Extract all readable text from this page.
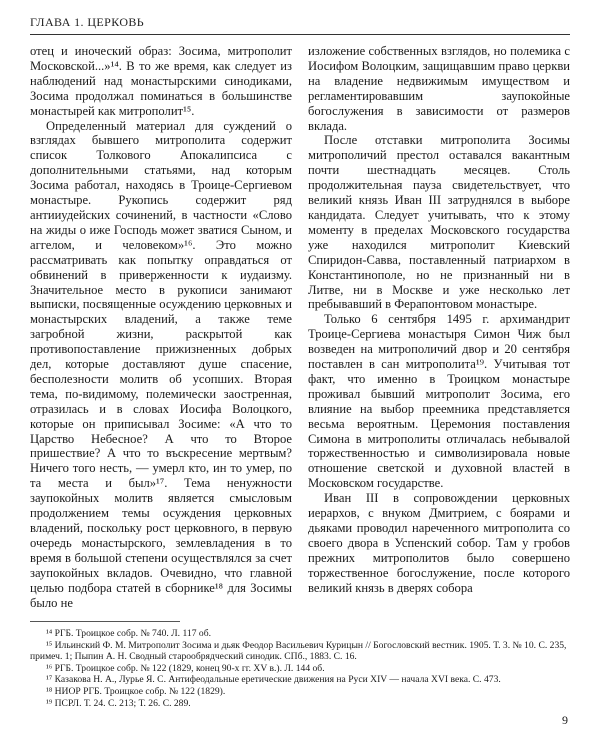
ГЛАВА 1. ЦЕРКОВЬ

отец и иноческий образ: Зосима, митрополит Московской...»¹⁴. В то же время, как следует из наблюдений над монастырскими синодиками, Зосима продолжал поминаться в большинстве монастырей как митрополит¹⁵.

Определенный материал для суждений о взглядах бывшего митрополита содержит список Толкового Апокалипсиса с дополнительными статьями, над которым Зосима работал, находясь в Троице-Сергиевом монастыре. Рукопись содержит ряд антииудейских сочинений, в частности «Слово на жиды о иже Господь может зватися Сыном, и аггелом, и человеком»¹⁶. Это можно рассматривать как попытку оправдаться от обвинений в приверженности к иудаизму. Значительное место в рукописи занимают выписки, посвященные осуждению церковных и монастырских владений, а также теме загробной жизни, раскрытой как противопоставление прижизненных добрых дел, которые доставляют душе спасение, бесполезности молитв об усопших. Вторая тема, по-видимому, полемически заостренная, отразилась и в словах Иосифа Волоцкого, которые он приписывал Зосиме: «А что то Царство Небесное? А что то Второе пришествие? А что то въскресение мертвым? Ничего того несть, — умерл кто, ин то умер, по та места и был»¹⁷. Тема ненужности заупокойных молитв является смысловым продолжением темы осуждения церковных владений, поскольку рост церковного, в первую очередь монастырского, землевладения в то время в большой степени осуществлялся за счет заупокойных вкладов. Очевидно, что главной целью подбора статей в сборнике¹⁸ для Зосимы было не

изложение собственных взглядов, но полемика с Иосифом Волоцким, защищавшим право церкви на владение недвижимым имуществом и регламентировавшим заупокойные богослужения в зависимости от размеров вклада.

После отставки митрополита Зосимы митрополичий престол оставался вакантным почти шестнадцать месяцев. Столь продолжительная пауза свидетельствует, что великий князь Иван III затруднялся в выборе кандидата. Следует учитывать, что к этому моменту в пределах Московского государства уже находился митрополит Киевский Спиридон-Савва, поставленный патриархом в Константинополе, но не признанный ни в Литве, ни в Москве и уже несколько лет пребывавший в Ферапонтовом монастыре.

Только 6 сентября 1495 г. архимандрит Троице-Сергиева монастыря Симон Чиж был возведен на митрополичий двор и 20 сентября поставлен в сан митрополита¹⁹. Учитывая тот факт, что именно в Троицком монастыре проживал бывший митрополит Зосима, его влияние на выбор преемника представляется весьма вероятным. Церемония поставления Симона в митрополиты отличалась небывалой торжественностью и символизировала новые отношение светской и духовной властей в Московском государстве.

Иван III в сопровождении церковных иерархов, с внуком Дмитрием, с боярами и дьяками проводил нареченного митрополита со своего двора в Успенский собор. Там у гробов прежних митрополитов было совершено торжественное богослужение, после которого великий князь в дверях собора

¹⁴ РГБ. Троицкое собр. № 740. Л. 117 об.

¹⁵ Ильинский Ф. М. Митрополит Зосима и дьяк Феодор Васильевич Курицын // Богословский вестник. 1905. Т. 3. № 10. С. 235, примеч. 1; Пыпин А. Н. Сводный старообрядческий синодик. СПб., 1883. С. 16.

¹⁶ РГБ. Троицкое собр. № 122 (1829, конец 90-х гг. XV в.). Л. 144 об.

¹⁷ Казакова Н. А., Лурье Я. С. Антифеодальные еретические движения на Руси XIV — начала XVI века. С. 473.

¹⁸ НИОР РГБ. Троицкое собр. № 122 (1829).

¹⁹ ПСРЛ. Т. 24. С. 213; Т. 26. С. 289.

9
